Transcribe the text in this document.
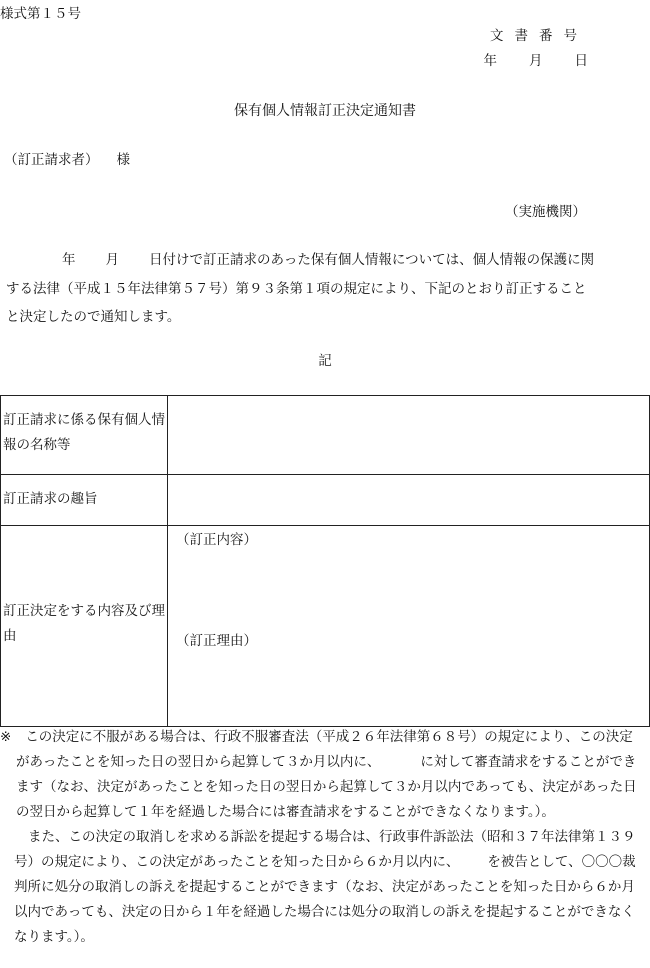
様式第１５号
文書番号
年 月 日
保有個人情報訂正決定通知書
（訂正請求者） 様
（実施機関）
年 月 日付けで訂正請求のあった保有個人情報については、個人情報の保護に関する法律（平成１５年法律第５７号）第９３条第１項の規定により、下記のとおり訂正することと決定したので通知します。
記
訂正請求に係る保有個人情報の名称等	

訂正請求の趣旨	

訂正決定をする内容及び理由	（訂正内容）
（訂正理由）

※ この決定に不服がある場合は、行政不服審査法（平成２６年法律第６８号）の規定により、この決定があったことを知った日の翌日から起算して３か月以内に、	に対して審査請求をすることができます（なお、決定があったことを知った日の翌日から起算して３か月以内であっても、決定があった日の翌日から起算して１年を経過した場合には審査請求をすることができなくなります。）。

また、この決定の取消しを求める訴訟を提起する場合は、行政事件訴訟法（昭和３７年法律第１３９号）の規定により、この決定があったことを知った日から６か月以内に、 を被告として、〇〇〇裁判所に処分の取消しの訴えを提起することができます（なお、決定があったことを知った日から６か月以内であっても、決定の日から１年を経過した場合には処分の取消しの訴えを提起することができなくなります。）。
